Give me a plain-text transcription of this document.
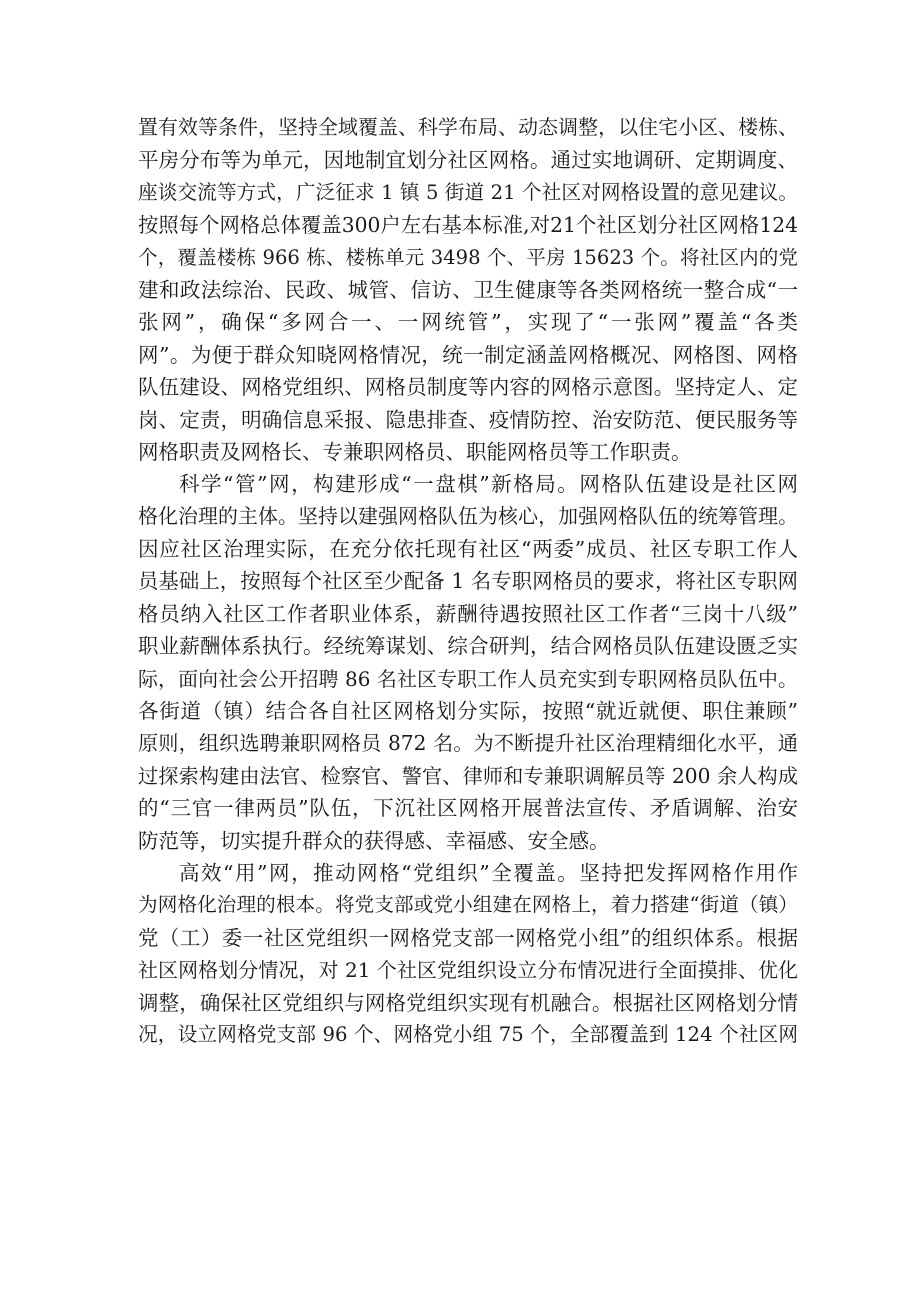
置有效等条件，坚持全域覆盖、科学布局、动态调整，以住宅小区、楼栋、
平房分布等为单元，因地制宜划分社区网格。通过实地调研、定期调度、
座谈交流等方式，广泛征求 1 镇 5 街道 21 个社区对网格设置的意见建议。
按照每个网格总体覆盖300户左右基本标准,对21个社区划分社区网格124
个，覆盖楼栋 966 栋、楼栋单元 3498 个、平房 15623 个。将社区内的党
建和政法综治、民政、城管、信访、卫生健康等各类网格统一整合成“一
张网”，确保“多网合一、一网统管”，实现了“一张网”覆盖“各类
网”。为便于群众知晓网格情况，统一制定涵盖网格概况、网格图、网格
队伍建设、网格党组织、网格员制度等内容的网格示意图。坚持定人、定
岗、定责，明确信息采报、隐患排查、疫情防控、治安防范、便民服务等
网格职责及网格长、专兼职网格员、职能网格员等工作职责。
科学“管”网，构建形成“一盘棋”新格局。网格队伍建设是社区网
格化治理的主体。坚持以建强网格队伍为核心，加强网格队伍的统筹管理。
因应社区治理实际，在充分依托现有社区“两委”成员、社区专职工作人
员基础上，按照每个社区至少配备 1 名专职网格员的要求，将社区专职网
格员纳入社区工作者职业体系，薪酬待遇按照社区工作者“三岗十八级”
职业薪酬体系执行。经统筹谋划、综合研判，结合网格员队伍建设匮乏实
际，面向社会公开招聘 86 名社区专职工作人员充实到专职网格员队伍中。
各街道（镇）结合各自社区网格划分实际，按照“就近就便、职住兼顾”
原则，组织选聘兼职网格员 872 名。为不断提升社区治理精细化水平，通
过探索构建由法官、检察官、警官、律师和专兼职调解员等 200 余人构成
的“三官一律两员”队伍，下沉社区网格开展普法宣传、矛盾调解、治安
防范等，切实提升群众的获得感、幸福感、安全感。
高效“用”网，推动网格“党组织”全覆盖。坚持把发挥网格作用作
为网格化治理的根本。将党支部或党小组建在网格上，着力搭建“街道（镇）
党（工）委一社区党组织一网格党支部一网格党小组”的组织体系。根据
社区网格划分情况，对 21 个社区党组织设立分布情况进行全面摸排、优化
调整，确保社区党组织与网格党组织实现有机融合。根据社区网格划分情
况，设立网格党支部 96 个、网格党小组 75 个，全部覆盖到 124 个社区网
